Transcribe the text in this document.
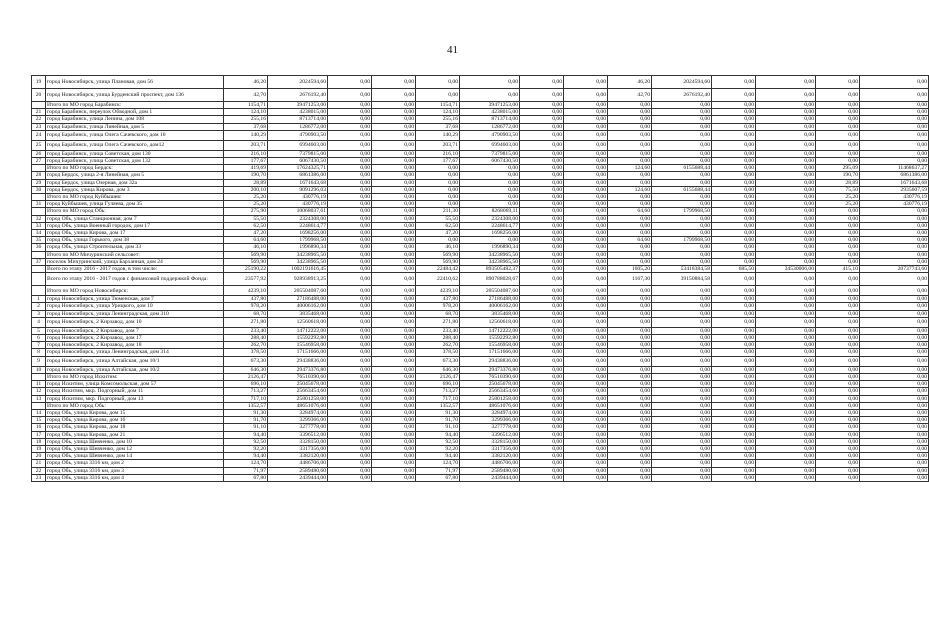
41
19	город Новосибирск, улица Плановая, дом 56	46,20	2024594,60	0,00	0,00	0,00	0,00	0,00	0,00	46,20	2024594,60	0,00	0,00	0,00	0,00
20	город Новосибирск, улица Бурденский проспект, дом 136	42,70	2676192,40	0,00	0,00	0,00	0,00	0,00	0,00	42,70	2676192,40	0,00	0,00	0,00	0,00
	Итого по МО город Барабинск:	1154,71	39471253,00	0,00	0,00	1154,71	39471253,00	0,00	0,00	0,00	0,00	0,00	0,00	0,00	0,00
21	город Барабинск, переулок Обводной, дом 1	124,10	4238015,00	0,00	0,00	124,10	4238015,00	0,00	0,00	0,00	0,00	0,00	0,00	0,00	0,00
22	город Барабинск, улица Ленина, дом 108	255,16	8713714,00	0,00	0,00	255,16	8713714,00	0,00	0,00	0,00	0,00	0,00	0,00	0,00	0,00
23	город Барабинск, улица Линейная, дом 5	37,68	1286772,00	0,00	0,00	37,68	1286772,00	0,00	0,00	0,00	0,00	0,00	0,00	0,00	0,00
24	город Барабинск, улица Олега Сачевского, дом 10	140,29	4790903,50	0,00	0,00	140,29	4790903,50	0,00	0,00	0,00	0,00	0,00	0,00	0,00	0,00
25	город Барабинск, улица Олега Сачевского, дом12	203,71	6994603,00	0,00	0,00	203,71	6994603,00	0,00	0,00	0,00	0,00	0,00	0,00	0,00	0,00
26	город Барабинск, улица Советская, дом 130	216,10	7379815,00	0,00	0,00	216,10	7379815,00	0,00	0,00	0,00	0,00	0,00	0,00	0,00	0,00
27	город Барабинск, улица Советская, дом 132	177,67	6067430,50	0,00	0,00	177,67	6067430,50	0,00	0,00	0,00	0,00	0,00	0,00	0,00	0,00
	Итого по МО город Бердск:	419,69	17624325,71	0,00	0,00	0,00	0,00	0,00	0,00	124,60	6155688,44	0,00	0,00	295,09	11468637,27
28	город Бердск, улица 2-я Линейная, дом 5	190,70	6861386,00	0,00	0,00	0,00	0,00	0,00	0,00	0,00	0,00	0,00	0,00	190,70	6861386,00
29	город Бердск, улица Озерная, дом 32а	28,89	1671643,68	0,00	0,00	0,00	0,00	0,00	0,00	0,00	0,00	0,00	0,00	28,89	1671643,68
30	город Бердск, улица Кирова, дом 3	200,10	9091296,03	0,00	0,00	0,00	0,00	0,00	0,00	124,60	6155688,44	0,00	0,00	75,50	2935607,59
	Итого по МО город Куйбышев:	25,20	430776,19	0,00	0,00	0,00	0,00	0,00	0,00	0,00	0,00	0,00	0,00	25,20	430776,19
31	город Куйбышев, улица Гуляева, дом 35	25,20	430776,19	0,00	0,00	0,00	0,00	0,00	0,00	0,00	0,00	0,00	0,00	25,20	430776,19
	Итого по МО город Обь:	275,90	10068037,61	0,00	0,00	211,30	8268069,11	0,00	0,00	64,60	1799968,50	0,00	0,00	0,00	0,00
32	город Обь, улица Станционная, дом 7	55,50	2324308,00	0,00	0,00	55,50	2324308,00	0,00	0,00	0,00	0,00	0,00	0,00	0,00	0,00
33	город Обь, улица Военный городок, дом 17	62,50	2248614,77	0,00	0,00	62,50	2248614,77	0,00	0,00	0,00	0,00	0,00	0,00	0,00	0,00
34	город Обь, улица Кирова, дом 17	47,20	1698256,00	0,00	0,00	47,20	1698256,00	0,00	0,00	0,00	0,00	0,00	0,00	0,00	0,00
35	город Обь, улица Горького, дом 38	64,60	1799968,50	0,00	0,00	0,00	0,00	0,00	0,00	64,60	1799968,50	0,00	0,00	0,00	0,00
36	город Обь, улица Строительная, дом 33	46,10	1996890,34	0,00	0,00	46,10	1996890,34	0,00	0,00	0,00	0,00	0,00	0,00	0,00	0,00
	Итого по МО Мичуринский сельсовет:	569,90	34238965,50	0,00	0,00	569,90	34238965,50	0,00	0,00	0,00	0,00	0,00	0,00	0,00	0,00
37	поселок Мичуринский, улица Барханная, дом 24	569,90	34238965,50	0,00	0,00	569,90	34238965,50	0,00	0,00	0,00	0,00	0,00	0,00	0,00	0,00
	Всего по этапу 2016 - 2017 годов, в том числе:	25190,22	1002191616,45	0,00	0,00	22484,42	893505482,37	0,00	0,00	1605,20	53418384,58	685,50	34530006,00	415,10	20737743,60
	Всего по этапу 2016 - 2017 годов с финансовой поддержкой Фонда:	23577,92	928938913,25	0,00	0,00	22410,62	890788028,67	0,00	0,00	1167,30	39150884,58	0,00	0,00	0,00	0,00
	Итого по МО город Новосибирск:	4239,10	205504087,60	0,00	0,00	4239,10	205504087,60	0,00	0,00	0,00	0,00	0,00	0,00	0,00	0,00
1	город Новосибирск, улица Тюменская, дом 7	437,80	27186488,00	0,00	0,00	437,80	27186488,00	0,00	0,00	0,00	0,00	0,00	0,00	0,00	0,00
2	город Новосибирск, улица Урицкого, дом 10	978,20	40006162,00	0,00	0,00	978,20	40006162,00	0,00	0,00	0,00	0,00	0,00	0,00	0,00	0,00
3	город Новосибирск, улица Ленинградская, дом 310	68,70	3835468,00	0,00	0,00	68,70	3835468,00	0,00	0,00	0,00	0,00	0,00	0,00	0,00	0,00
4	город Новосибирск, 2 Кирзавод, дом 10	271,80	12560618,00	0,00	0,00	271,80	12560618,00	0,00	0,00	0,00	0,00	0,00	0,00	0,00	0,00
5	город Новосибирск, 2 Кирзавод, дом 7	233,40	14712222,00	0,00	0,00	233,40	14712222,00	0,00	0,00	0,00	0,00	0,00	0,00	0,00	0,00
6	город Новосибирск, 2 Кирзавод, дом 17	288,40	15592292,80	0,00	0,00	288,40	15592292,80	0,00	0,00	0,00	0,00	0,00	0,00	0,00	0,00
7	город Новосибирск, 2 Кирзавод, дом 18	262,70	15546958,00	0,00	0,00	262,70	15546958,00	0,00	0,00	0,00	0,00	0,00	0,00	0,00	0,00
8	город Новосибирск, улица Ленинградская, дом 314	378,50	17151666,00	0,00	0,00	378,50	17151666,00	0,00	0,00	0,00	0,00	0,00	0,00	0,00	0,00
9	город Новосибирск, улица Алтайская, дом 10/1	673,30	29438836,00	0,00	0,00	673,30	29438836,00	0,00	0,00	0,00	0,00	0,00	0,00	0,00	0,00
10	город Новосибирск, улица Алтайская, дом 10/2	646,30	29473376,80	0,00	0,00	646,30	29473376,80	0,00	0,00	0,00	0,00	0,00	0,00	0,00	0,00
	Итого по МО город Искитим:	2126,47	76510390,60	0,00	0,00	2126,47	76510390,60	0,00	0,00	0,00	0,00	0,00	0,00	0,00	0,00
11	город Искитим, улица Комсомольская, дом 57	696,10	25045678,00	0,00	0,00	696,10	25045678,00	0,00	0,00	0,00	0,00	0,00	0,00	0,00	0,00
12	город Искитим, мкр. Подгорный, дом 11	713,27	25663454,60	0,00	0,00	713,27	25663454,60	0,00	0,00	0,00	0,00	0,00	0,00	0,00	0,00
13	город Искитим, мкр. Подгорный, дом 13	717,10	25801258,00	0,00	0,00	717,10	25801258,00	0,00	0,00	0,00	0,00	0,00	0,00	0,00	0,00
	Итого по МО город Обь:	1352,57	48651076,60	0,00	0,00	1352,57	48651076,60	0,00	0,00	0,00	0,00	0,00	0,00	0,00	0,00
14	город Обь, улица Кирова, дом 15	91,30	3284974,00	0,00	0,00	91,30	3284974,00	0,00	0,00	0,00	0,00	0,00	0,00	0,00	0,00
15	город Обь, улица Кирова, дом 16	91,70	3299366,00	0,00	0,00	91,70	3299366,00	0,00	0,00	0,00	0,00	0,00	0,00	0,00	0,00
16	город Обь, улица Кирова, дом 18	91,10	3277778,00	0,00	0,00	91,10	3277778,00	0,00	0,00	0,00	0,00	0,00	0,00	0,00	0,00
17	город Обь, улица Кирова, дом 21	94,40	3396512,00	0,00	0,00	94,40	3396512,00	0,00	0,00	0,00	0,00	0,00	0,00	0,00	0,00
18	город Обь, улица Шевченко, дом 10	92,50	3328150,00	0,00	0,00	92,50	3328150,00	0,00	0,00	0,00	0,00	0,00	0,00	0,00	0,00
19	город Обь, улица Шевченко, дом 12	92,20	3317356,00	0,00	0,00	92,20	3317356,00	0,00	0,00	0,00	0,00	0,00	0,00	0,00	0,00
20	город Обь, улица Шевченко, дом 14	94,40	3382120,00	0,00	0,00	94,40	3382120,00	0,00	0,00	0,00	0,00	0,00	0,00	0,00	0,00
21	город Обь, улица 3316 км, дом 2	124,70	4486706,00	0,00	0,00	124,70	4486706,00	0,00	0,00	0,00	0,00	0,00	0,00	0,00	0,00
22	город Обь, улица 3316 км, дом 3	71,97	2589480,60	0,00	0,00	71,97	2589480,60	0,00	0,00	0,00	0,00	0,00	0,00	0,00	0,00
23	город Обь, улица 3316 км, дом 4	67,80	2439444,00	0,00	0,00	67,80	2439444,00	0,00	0,00	0,00	0,00	0,00	0,00	0,00	0,00
